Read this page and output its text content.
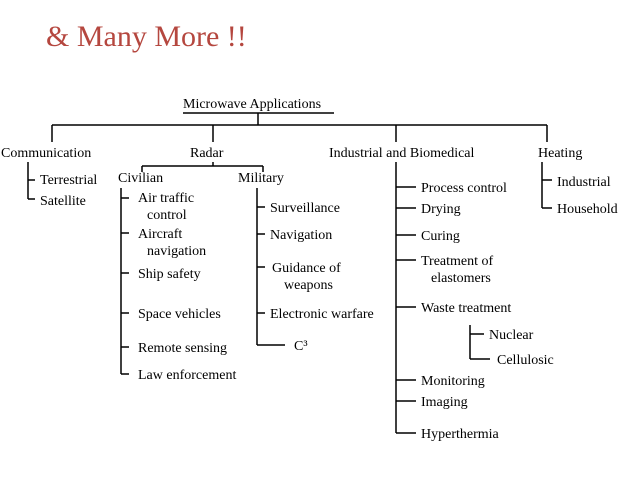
& Many More !!
Microwave Applications
Communication	Radar	Industrial and Biomedical	Heating
Terrestrial
Satellite
Civilian	Military
Air traffic
control
Aircraft
navigation
Ship safety
Space vehicles
Remote sensing
Law enforcement
Surveillance
Navigation
Guidance of
weapons
Electronic warfare
C³
Process control
Drying
Curing
Treatment of
elastomers
Waste treatment
Monitoring
Imaging
Hyperthermia
Nuclear
Cellulosic
Industrial
Household
